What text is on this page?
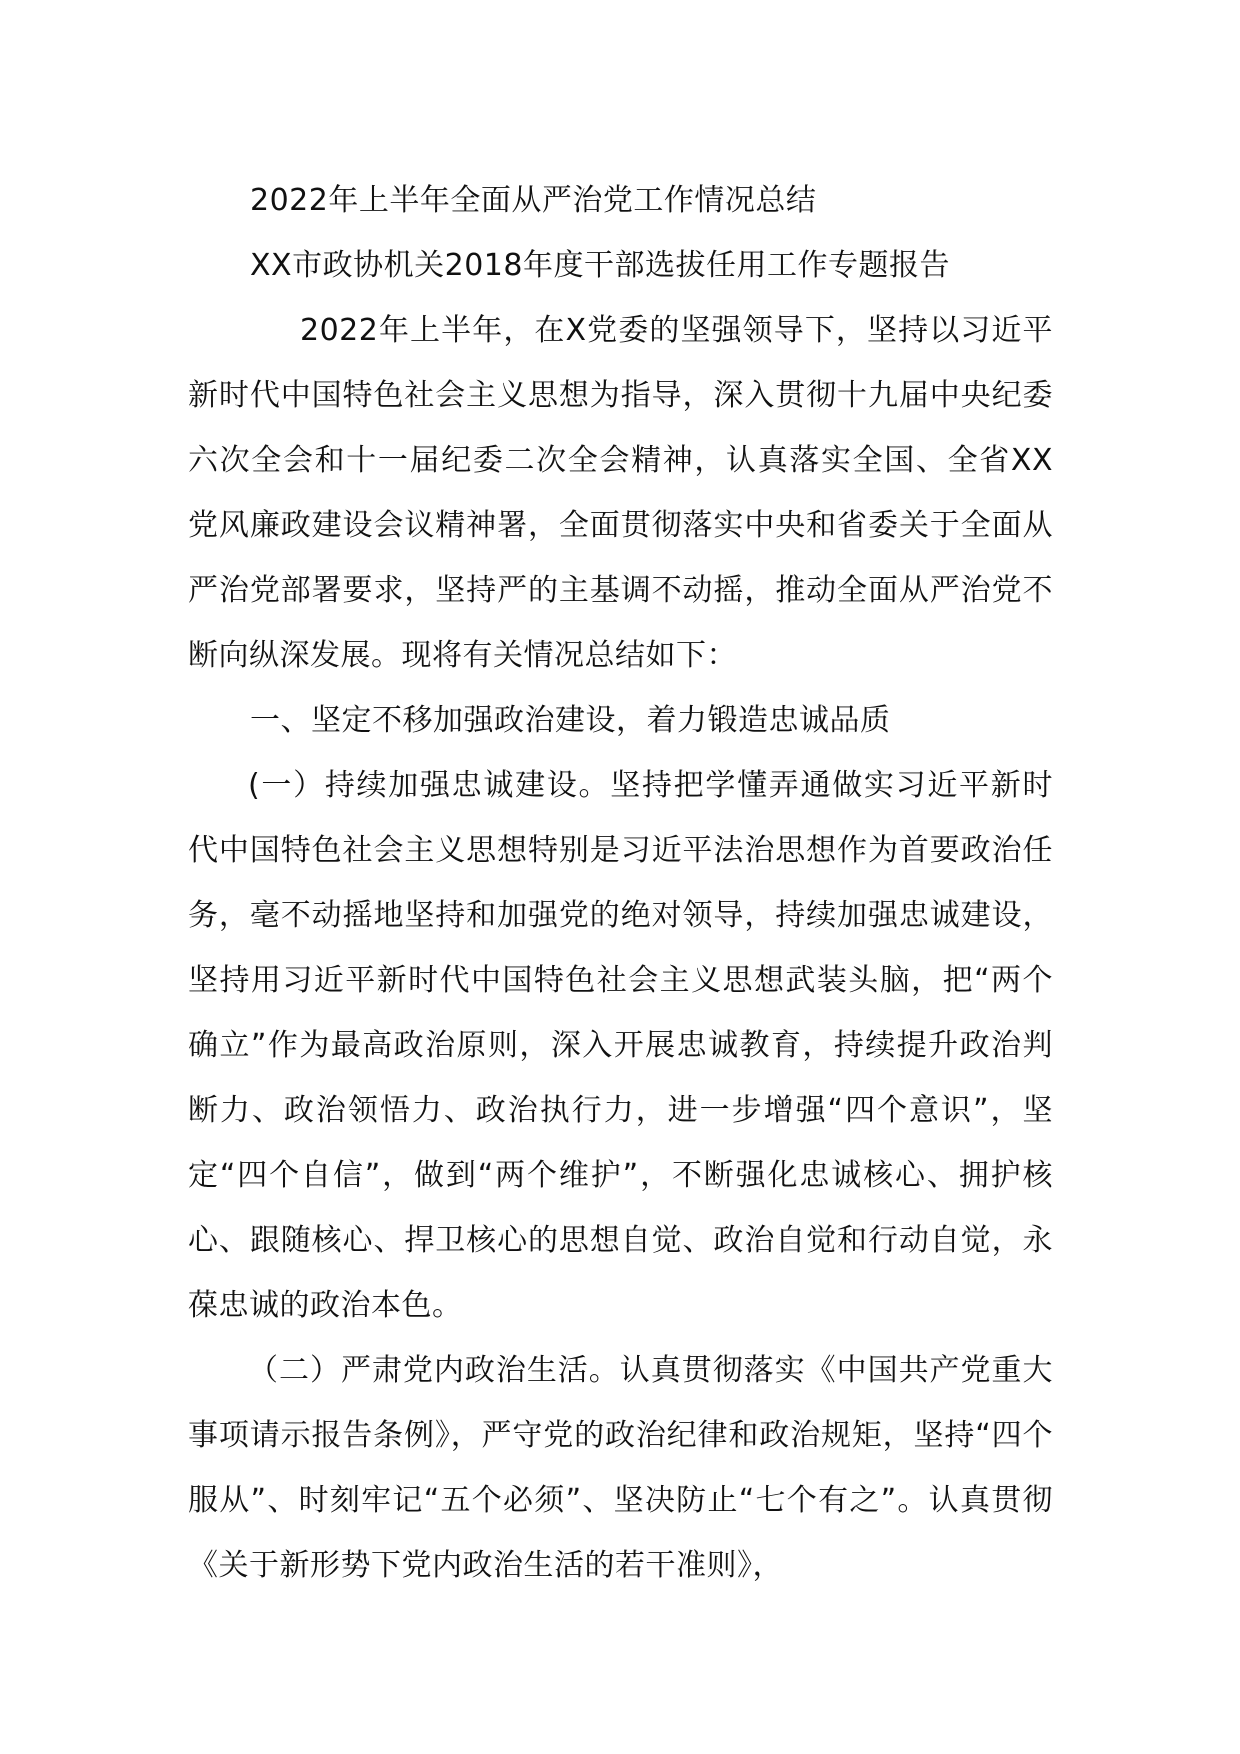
2022年上半年全面从严治党工作情况总结

XX市政协机关2018年度干部选拔任用工作专题报告

2022年上半年，在X党委的坚强领导下，坚持以习近平新时代中国特色社会主义思想为指导，深入贯彻十九届中央纪委六次全会和十一届纪委二次全会精神，认真落实全国、全省XX党风廉政建设会议精神署，全面贯彻落实中央和省委关于全面从严治党部署要求，坚持严的主基调不动摇，推动全面从严治党不断向纵深发展。现将有关情况总结如下：

一、坚定不移加强政治建设，着力锻造忠诚品质

(一）持续加强忠诚建设。坚持把学懂弄通做实习近平新时代中国特色社会主义思想特别是习近平法治思想作为首要政治任务，毫不动摇地坚持和加强党的绝对领导，持续加强忠诚建设，坚持用习近平新时代中国特色社会主义思想武装头脑，把“两个确立”作为最高政治原则，深入开展忠诚教育，持续提升政治判断力、政治领悟力、政治执行力，进一步增强“四个意识”，坚定“四个自信”，做到“两个维护”，不断强化忠诚核心、拥护核心、跟随核心、捍卫核心的思想自觉、政治自觉和行动自觉，永葆忠诚的政治本色。

（二）严肃党内政治生活。认真贯彻落实《中国共产党重大事项请示报告条例》，严守党的政治纪律和政治规矩，坚持“四个服从”、时刻牢记“五个必须”、坚决防止“七个有之”。认真贯彻《关于新形势下党内政治生活的若干准则》，
